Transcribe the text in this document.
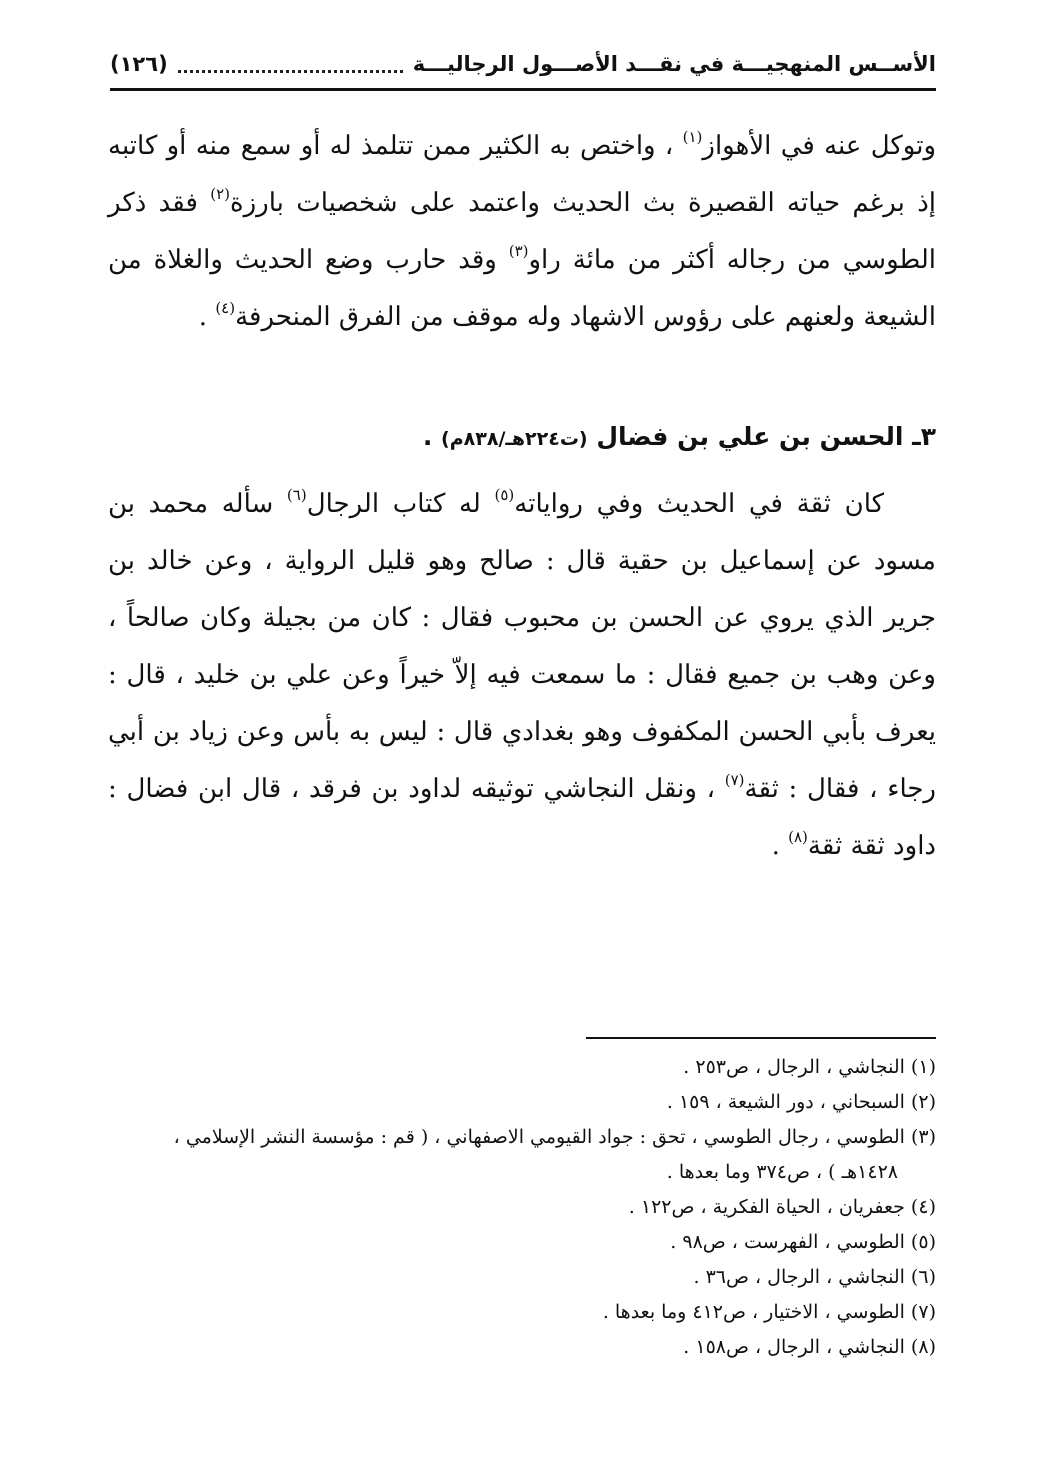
الأســس المنهجيـــة في نقـــد الأصـــول الرجاليـــة
(١٢٦)

وتوكل عنه في الأهواز$^{(١)}$ ، واختص به الكثير ممن تتلمذ له أو سمع منه أو كاتبه إذ برغم حياته القصيرة بث الحديث واعتمد على شخصيات بارزة$^{(٢)}$ فقد ذكر الطوسي من رجاله أكثر من مائة راو$^{(٣)}$ وقد حارب وضع الحديث والغلاة من الشيعة ولعنهم على رؤوس الاشهاد وله موقف من الفرق المنحرفة$^{(٤)}$ .

٣ـ الحسن بن علي بن فضال (ت٢٢٤هـ/٨٣٨م) .

كان ثقة في الحديث وفي رواياته$^{(٥)}$ له كتاب الرجال$^{(٦)}$ سأله محمد بن مسود عن إسماعيل بن حقية قال : صالح وهو قليل الرواية ، وعن خالد بن جرير الذي يروي عن الحسن بن محبوب فقال : كان من بجيلة وكان صالحاً ، وعن وهب بن جميع فقال : ما سمعت فيه إلاّ خيراً وعن علي بن خليد ، قال : يعرف بأبي الحسن المكفوف وهو بغدادي قال : ليس به بأس وعن زياد بن أبي رجاء ، فقال : ثقة$^{(٧)}$ ، ونقل النجاشي توثيقه لداود بن فرقد ، قال ابن فضال : داود ثقة ثقة$^{(٨)}$ .

(١) النجاشي ، الرجال ، ص٢٥٣ .
(٢) السبحاني ، دور الشيعة ، ١٥٩ .
(٣) الطوسي ، رجال الطوسي ، تحق : جواد القيومي الاصفهاني ، ( قم : مؤسسة النشر الإسلامي ،
١٤٢٨هـ ) ، ص٣٧٤ وما بعدها .
(٤) جعفريان ، الحياة الفكرية ، ص١٢٢ .
(٥) الطوسي ، الفهرست ، ص٩٨ .
(٦) النجاشي ، الرجال ، ص٣٦ .
(٧) الطوسي ، الاختيار ، ص٤١٢ وما بعدها .
(٨) النجاشي ، الرجال ، ص١٥٨ .
